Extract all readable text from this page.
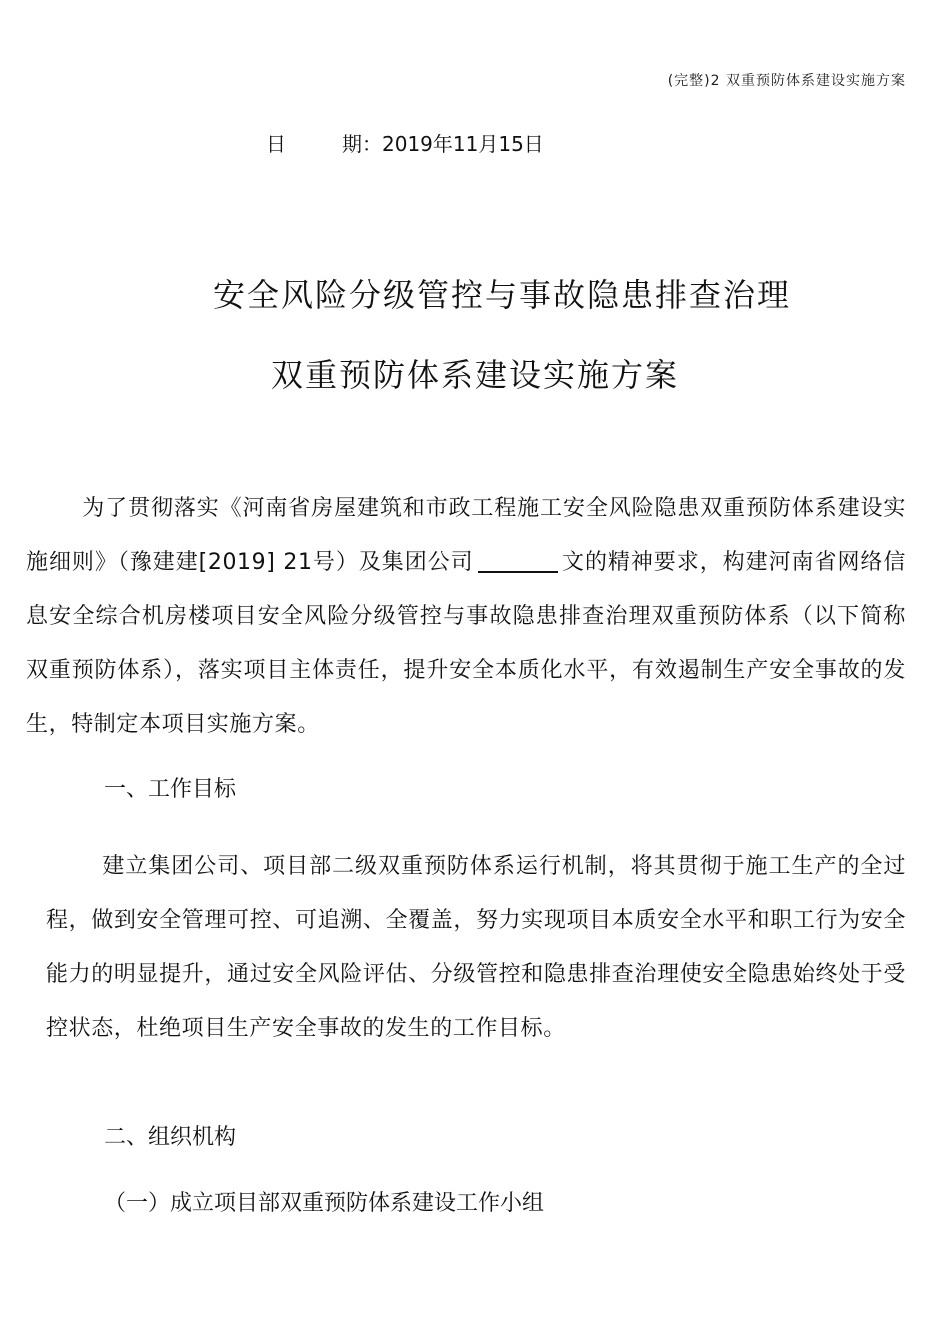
(完整)2 双重预防体系建设实施方案
日	期：2019年11月15日
安全风险分级管控与事故隐患排查治理
双重预防体系建设实施方案

为了贯彻落实《河南省房屋建筑和市政工程施工安全风险隐患双重预防体系建设实施细则》（豫建建[2019] 21号）及集团公司	文的精神要求，构建河南省网络信息安全综合机房楼项目安全风险分级管控与事故隐患排查治理双重预防体系（以下简称双重预防体系），落实项目主体责任，提升安全本质化水平，有效遏制生产安全事故的发生，特制定本项目实施方案。

一、工作目标

建立集团公司、项目部二级双重预防体系运行机制，将其贯彻于施工生产的全过程，做到安全管理可控、可追溯、全覆盖，努力实现项目本质安全水平和职工行为安全能力的明显提升，通过安全风险评估、分级管控和隐患排查治理使安全隐患始终处于受控状态，杜绝项目生产安全事故的发生的工作目标。

二、组织机构
（一）成立项目部双重预防体系建设工作小组
